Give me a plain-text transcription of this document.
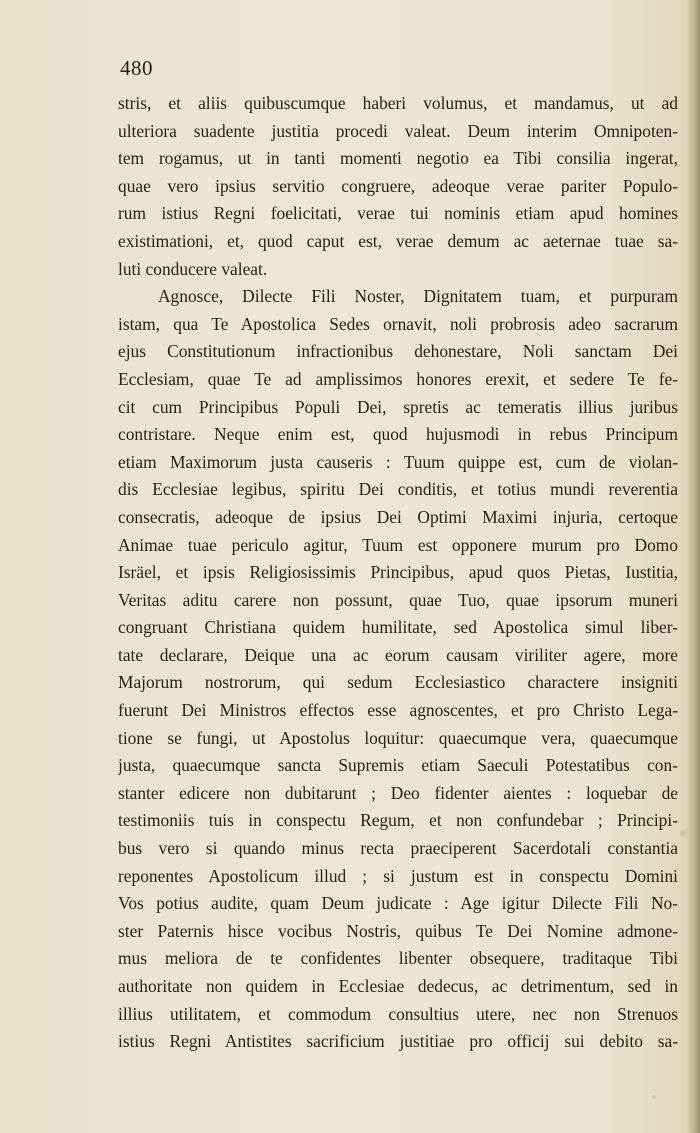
480
stris, et aliis quibuscumque haberi volumus, et mandamus, ut ad
ulteriora suadente justitia procedi valeat. Deum interim Omnipoten-
tem rogamus, ut in tanti momenti negotio ea Tibi consilia ingerat,
quae vero ipsius servitio congruere, adeoque verae pariter Populo-
rum istius Regni foelicitati, verae tui nominis etiam apud homines
existimationi, et, quod caput est, verae demum ac aeternae tuae sa-
luti conducere valeat.
Agnosce, Dilecte Fili Noster, Dignitatem tuam, et purpuram
istam, qua Te Apostolica Sedes ornavit, noli probrosis adeo sacrarum
ejus Constitutionum infractionibus dehonestare, Noli sanctam Dei
Ecclesiam, quae Te ad amplissimos honores erexit, et sedere Te fe-
cit cum Principibus Populi Dei, spretis ac temeratis illius juribus
contristare. Neque enim est, quod hujusmodi in rebus Principum
etiam Maximorum justa causeris : Tuum quippe est, cum de violan-
dis Ecclesiae legibus, spiritu Dei conditis, et totius mundi reverentia
consecratis, adeoque de ipsius Dei Optimi Maximi injuria, certoque
Animae tuae periculo agitur, Tuum est opponere murum pro Domo
Isräel, et ipsis Religiosissimis Principibus, apud quos Pietas, Iustitia,
Veritas aditu carere non possunt, quae Tuo, quae ipsorum muneri
congruant Christiana quidem humilitate, sed Apostolica simul liber-
tate declarare, Deique una ac eorum causam viriliter agere, more
Majorum nostrorum, qui sedum Ecclesiastico charactere insigniti
fuerunt Dei Ministros effectos esse agnoscentes, et pro Christo Lega-
tione se fungi, ut Apostolus loquitur: quaecumque vera, quaecumque
justa, quaecumque sancta Supremis etiam Saeculi Potestatibus con-
stanter edicere non dubitarunt ; Deo fidenter aientes : loquebar de
testimoniis tuis in conspectu Regum, et non confundebar ; Principi-
bus vero si quando minus recta praeciperent Sacerdotali constantia
reponentes Apostolicum illud ; si justum est in conspectu Domini
Vos potius audite, quam Deum judicate : Age igitur Dilecte Fili No-
ster Paternis hisce vocibus Nostris, quibus Te Dei Nomine admone-
mus meliora de te confidentes libenter obsequere, traditaque Tibi
authoritate non quidem in Ecclesiae dedecus, ac detrimentum, sed in
illius utilitatem, et commodum consultius utere, nec non Strenuos
istius Regni Antistites sacrificium justitiae pro officij sui debito sa-
